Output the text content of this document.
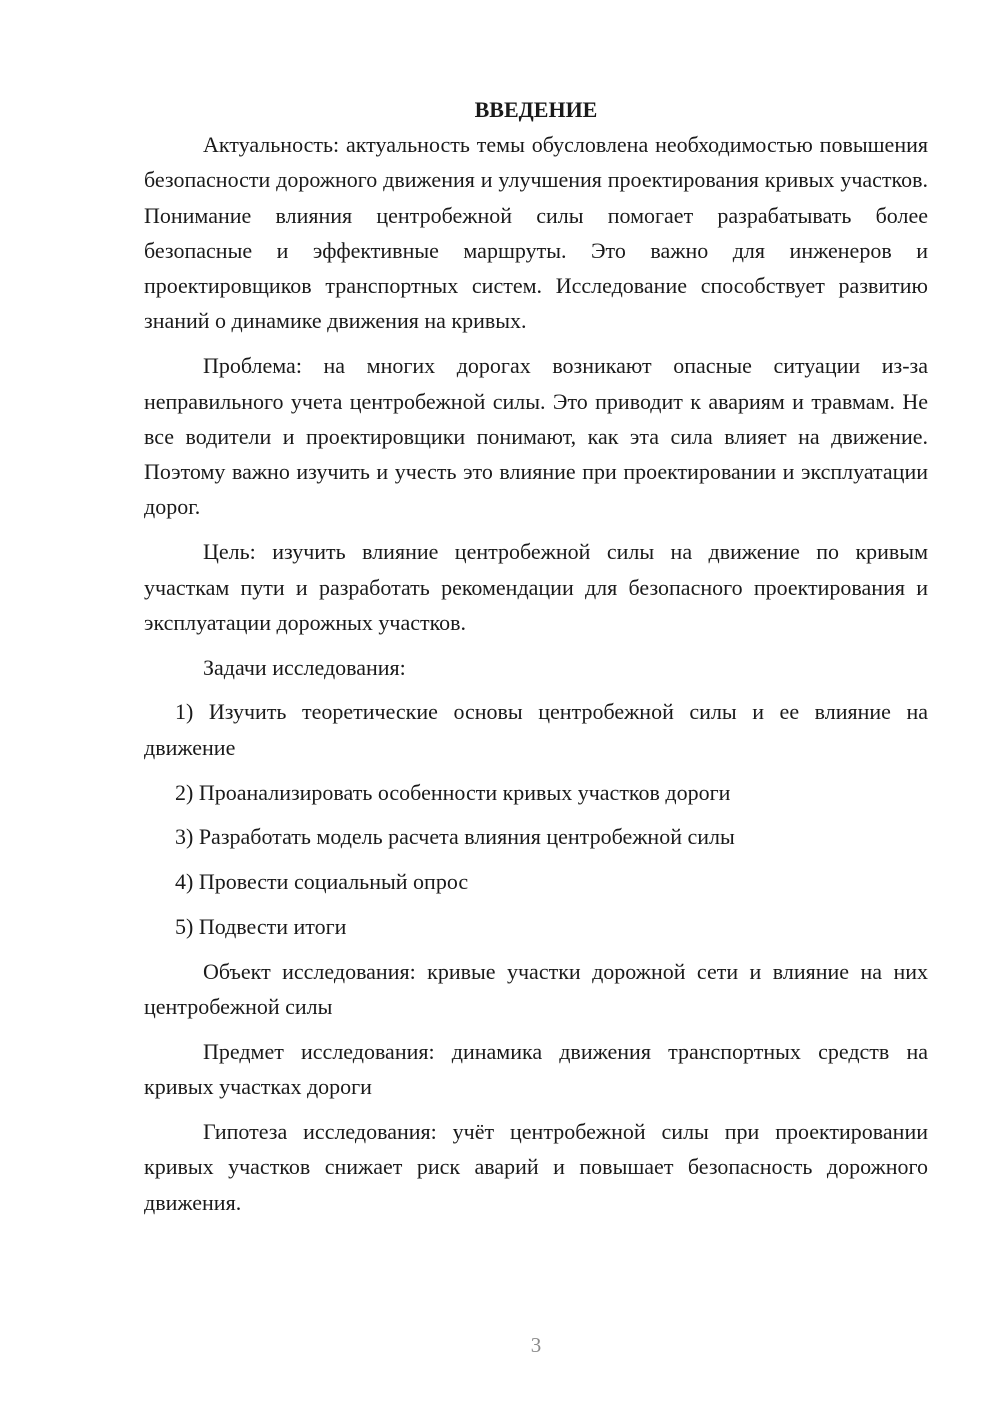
ВВЕДЕНИЕ

Актуальность: актуальность темы обусловлена необходимостью повышения безопасности дорожного движения и улучшения проектирования кривых участков. Понимание влияния центробежной силы помогает разрабатывать более безопасные и эффективные маршруты. Это важно для инженеров и проектировщиков транспортных систем. Исследование способствует развитию знаний о динамике движения на кривых.

Проблема: на многих дорогах возникают опасные ситуации из-за неправильного учета центробежной силы. Это приводит к авариям и травмам. Не все водители и проектировщики понимают, как эта сила влияет на движение. Поэтому важно изучить и учесть это влияние при проектировании и эксплуатации дорог.

Цель: изучить влияние центробежной силы на движение по кривым участкам пути и разработать рекомендации для безопасного проектирования и эксплуатации дорожных участков.

Задачи исследования:

1) Изучить теоретические основы центробежной силы и ее влияние на движение

2) Проанализировать особенности кривых участков дороги

3) Разработать модель расчета влияния центробежной силы

4) Провести социальный опрос

5) Подвести итоги

Объект исследования: кривые участки дорожной сети и влияние на них центробежной силы

Предмет исследования: динамика движения транспортных средств на кривых участках дороги

Гипотеза исследования: учёт центробежной силы при проектировании кривых участков снижает риск аварий и повышает безопасность дорожного движения.

3
